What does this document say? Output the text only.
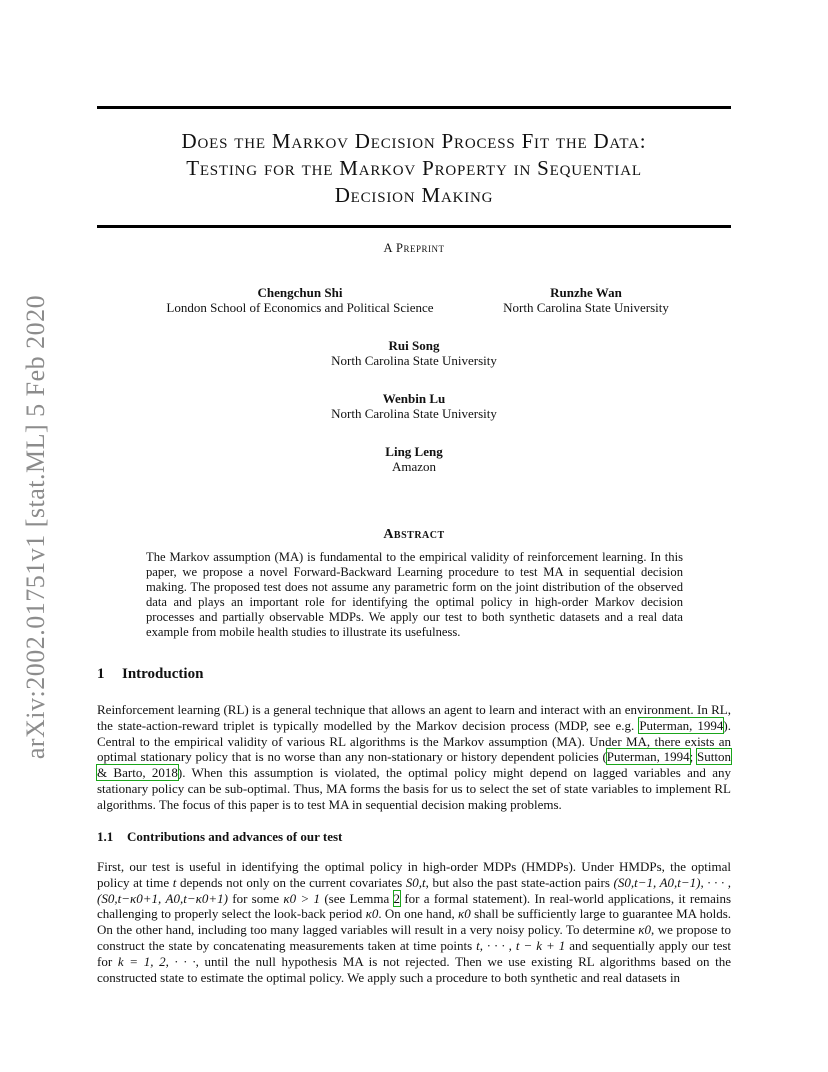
arXiv:2002.01751v1 [stat.ML] 5 Feb 2020
Does the Markov Decision Process Fit the Data:
Testing for the Markov Property in Sequential
Decision Making
A Preprint
Chengchun Shi
London School of Economics and Political Science
Runzhe Wan
North Carolina State University
Rui Song
North Carolina State University
Wenbin Lu
North Carolina State University
Ling Leng
Amazon
Abstract

The Markov assumption (MA) is fundamental to the empirical validity of reinforcement learning. In this paper, we propose a novel Forward-Backward Learning procedure to test MA in sequential decision making. The proposed test does not assume any parametric form on the joint distribution of the observed data and plays an important role for identifying the optimal policy in high-order Markov decision processes and partially observable MDPs. We apply our test to both synthetic datasets and a real data example from mobile health studies to illustrate its usefulness.

1 Introduction

Reinforcement learning (RL) is a general technique that allows an agent to learn and interact with an environment. In RL, the state-action-reward triplet is typically modelled by the Markov decision process (MDP, see e.g. Puterman, 1994). Central to the empirical validity of various RL algorithms is the Markov assumption (MA). Under MA, there exists an optimal stationary policy that is no worse than any non-stationary or history dependent policies (Puterman, 1994; Sutton & Barto, 2018). When this assumption is violated, the optimal policy might depend on lagged variables and any stationary policy can be sub-optimal. Thus, MA forms the basis for us to select the set of state variables to implement RL algorithms. The focus of this paper is to test MA in sequential decision making problems.

1.1 Contributions and advances of our test

First, our test is useful in identifying the optimal policy in high-order MDPs (HMDPs). Under HMDPs, the optimal policy at time t depends not only on the current covariates S0,t, but also the past state-action pairs (S0,t−1, A0,t−1), · · · , (S0,t−κ0+1, A0,t−κ0+1) for some κ0 > 1 (see Lemma 2 for a formal statement). In real-world applications, it remains challenging to properly select the look-back period κ0. On one hand, κ0 shall be sufficiently large to guarantee MA holds. On the other hand, including too many lagged variables will result in a very noisy policy. To determine κ0, we propose to construct the state by concatenating measurements taken at time points t, · · · , t − k + 1 and sequentially apply our test for k = 1, 2, · · ·, until the null hypothesis MA is not rejected. Then we use existing RL algorithms based on the constructed state to estimate the optimal policy. We apply such a procedure to both synthetic and real datasets in
